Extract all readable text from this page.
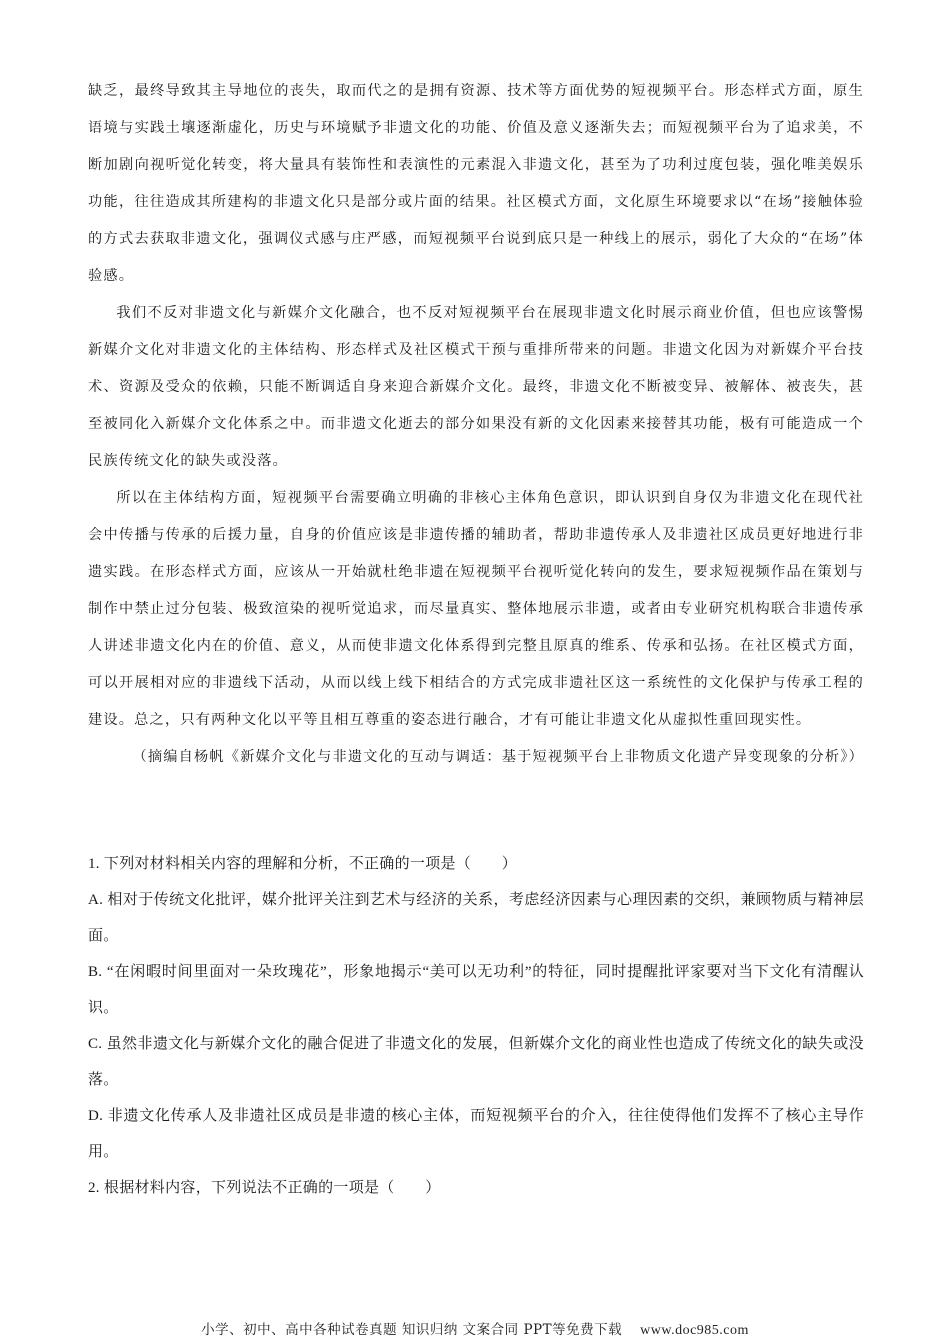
缺乏，最终导致其主导地位的丧失，取而代之的是拥有资源、技术等方面优势的短视频平台。形态样式方面，原生语境与实践土壤逐渐虚化，历史与环境赋予非遗文化的功能、价值及意义逐渐失去；而短视频平台为了追求美，不断加剧向视听觉化转变，将大量具有装饰性和表演性的元素混入非遗文化，甚至为了功利过度包装，强化唯美娱乐功能，往往造成其所建构的非遗文化只是部分或片面的结果。社区模式方面，文化原生环境要求以“在场”接触体验的方式去获取非遗文化，强调仪式感与庄严感，而短视频平台说到底只是一种线上的展示，弱化了大众的“在场”体验感。

我们不反对非遗文化与新媒介文化融合，也不反对短视频平台在展现非遗文化时展示商业价值，但也应该警惕新媒介文化对非遗文化的主体结构、形态样式及社区模式干预与重排所带来的问题。非遗文化因为对新媒介平台技术、资源及受众的依赖，只能不断调适自身来迎合新媒介文化。最终，非遗文化不断被变异、被解体、被丧失，甚至被同化入新媒介文化体系之中。而非遗文化逝去的部分如果没有新的文化因素来接替其功能，极有可能造成一个民族传统文化的缺失或没落。

所以在主体结构方面，短视频平台需要确立明确的非核心主体角色意识，即认识到自身仅为非遗文化在现代社会中传播与传承的后援力量，自身的价值应该是非遗传播的辅助者，帮助非遗传承人及非遗社区成员更好地进行非遗实践。在形态样式方面，应该从一开始就杜绝非遗在短视频平台视听觉化转向的发生，要求短视频作品在策划与制作中禁止过分包装、极致渲染的视听觉追求，而尽量真实、整体地展示非遗，或者由专业研究机构联合非遗传承人讲述非遗文化内在的价值、意义，从而使非遗文化体系得到完整且原真的维系、传承和弘扬。在社区模式方面，可以开展相对应的非遗线下活动，从而以线上线下相结合的方式完成非遗社区这一系统性的文化保护与传承工程的建设。总之，只有两种文化以平等且相互尊重的姿态进行融合，才有可能让非遗文化从虚拟性重回现实性。

（摘编自杨帆《新媒介文化与非遗文化的互动与调适：基于短视频平台上非物质文化遗产异变现象的分析》）

1. 下列对材料相关内容的理解和分析，不正确的一项是（　　）

A. 相对于传统文化批评，媒介批评关注到艺术与经济的关系，考虑经济因素与心理因素的交织，兼顾物质与精神层面。

B. “在闲暇时间里面对一朵玫瑰花”，形象地揭示“美可以无功利”的特征，同时提醒批评家要对当下文化有清醒认识。

C. 虽然非遗文化与新媒介文化的融合促进了非遗文化的发展，但新媒介文化的商业性也造成了传统文化的缺失或没落。

D. 非遗文化传承人及非遗社区成员是非遗的核心主体，而短视频平台的介入，往往使得他们发挥不了核心主导作用。

2. 根据材料内容，下列说法不正确的一项是（　　）

小学、初中、高中各种试卷真题 知识归纳 文案合同 PPT等免费下载 www.doc985.com
